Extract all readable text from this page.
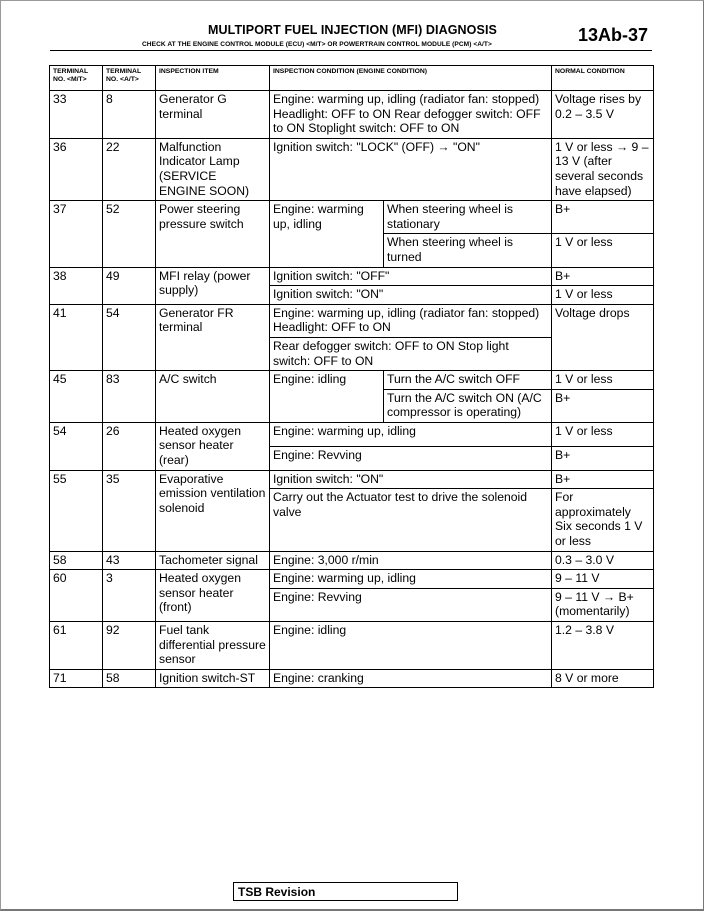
MULTIPORT FUEL INJECTION (MFI) DIAGNOSIS
CHECK AT THE ENGINE CONTROL MODULE (ECU) <M/T> OR POWERTRAIN CONTROL MODULE (PCM) <A/T>	13Ab-37
TERMINAL NO. <M/T>	TERMINAL NO. <A/T>	INSPECTION ITEM	INSPECTION CONDITION (ENGINE CONDITION)		NORMAL CONDITION
33	8	Generator G terminal	Engine: warming up, idling (radiator fan: stopped) Headlight: OFF to ON Rear defogger switch: OFF to ON Stoplight switch: OFF to ON		Voltage rises by 0.2 – 3.5 V
36	22	Malfunction Indicator Lamp (SERVICE ENGINE SOON)	Ignition switch: "LOCK" (OFF) → "ON"		1 V or less → 9 – 13 V (after several seconds have elapsed)
37	52	Power steering pressure switch	Engine: warming up, idling	When steering wheel is stationary	B+
				When steering wheel is turned	1 V or less
38	49	MFI relay (power supply)	Ignition switch: "OFF"		B+
			Ignition switch: "ON"		1 V or less
41	54	Generator FR terminal	Engine: warming up, idling (radiator fan: stopped) Headlight: OFF to ON		Voltage drops
			Rear defogger switch: OFF to ON Stop light switch: OFF to ON		
45	83	A/C switch	Engine: idling	Turn the A/C switch OFF	1 V or less
				Turn the A/C switch ON (A/C compressor is operating)	B+
54	26	Heated oxygen sensor heater (rear)	Engine: warming up, idling		1 V or less
			Engine: Revving		B+
55	35	Evaporative emission ventilation solenoid	Ignition switch: "ON"		B+
			Carry out the Actuator test to drive the solenoid valve		For approximately Six seconds 1 V or less
58	43	Tachometer signal	Engine: 3,000 r/min		0.3 – 3.0 V
60	3	Heated oxygen sensor heater (front)	Engine: warming up, idling		9 – 11 V
			Engine: Revving		9 – 11 V → B+ (momentarily)
61	92	Fuel tank differential pressure sensor	Engine: idling		1.2 – 3.8 V
71	58	Ignition switch-ST	Engine: cranking		8 V or more
TSB Revision
